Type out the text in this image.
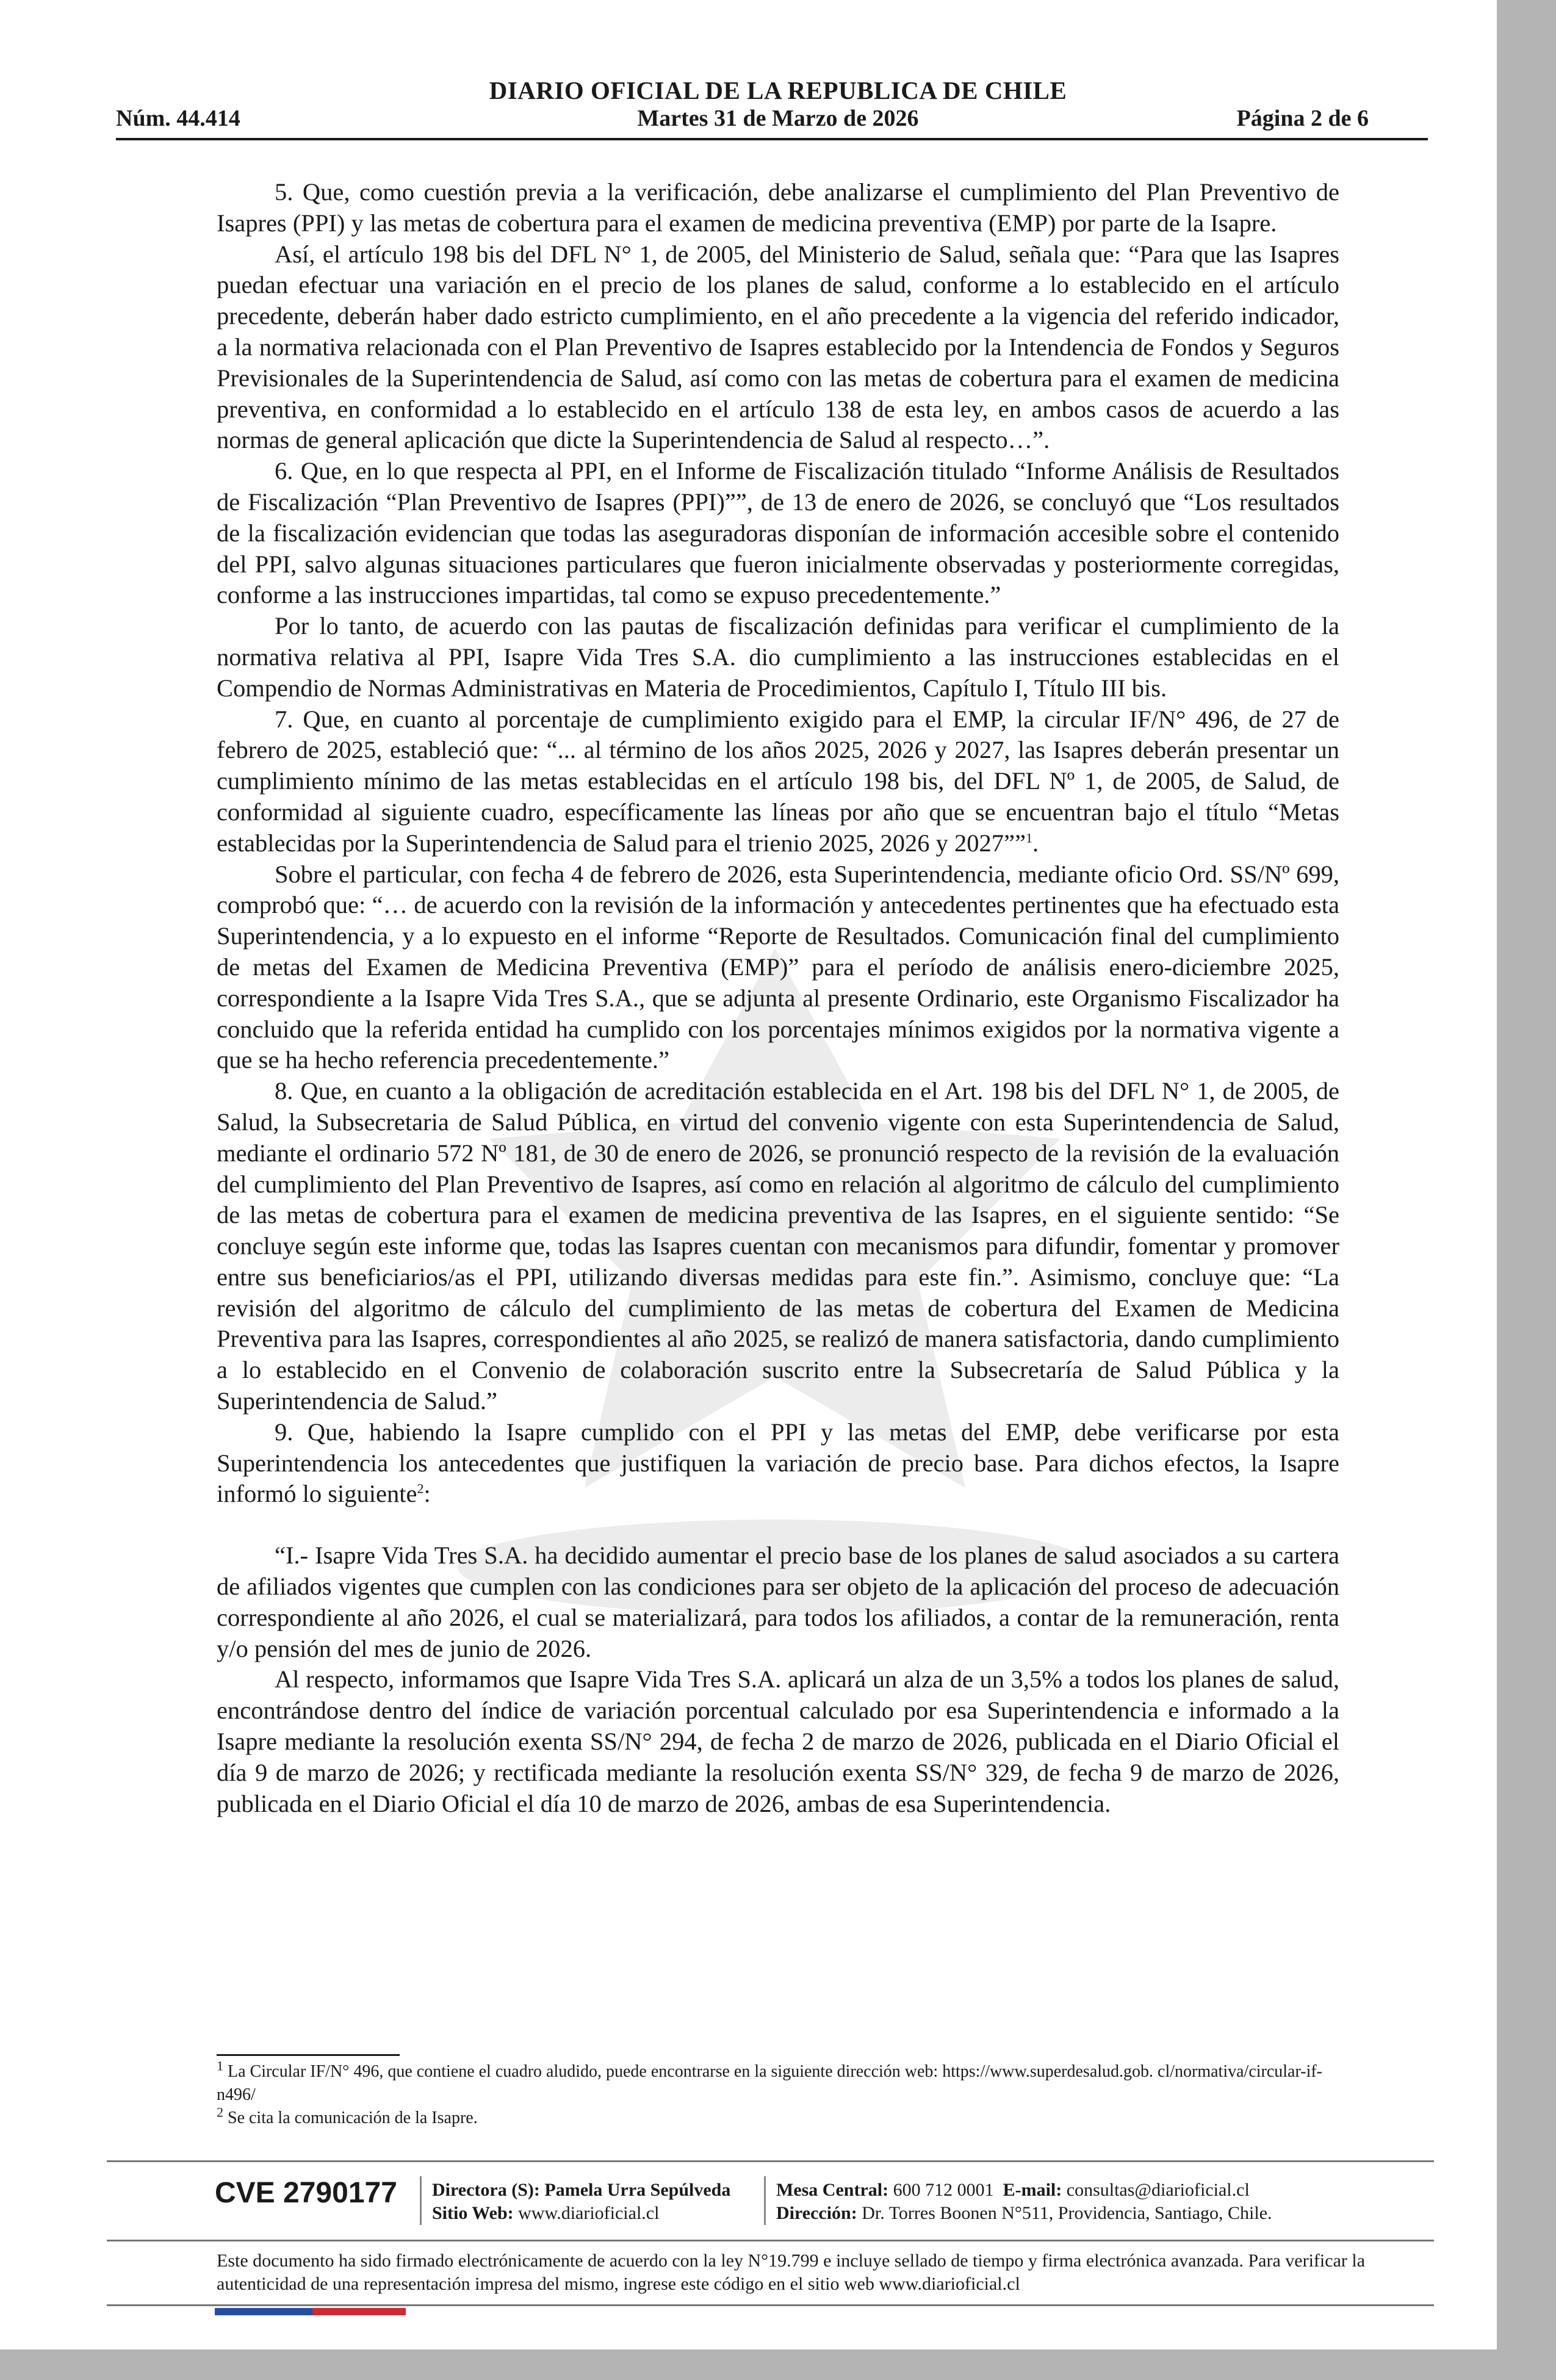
DIARIO OFICIAL DE LA REPUBLICA DE CHILE
Núm. 44.414	Martes 31 de Marzo de 2026	Página 2 de 6

5. Que, como cuestión previa a la verificación, debe analizarse el cumplimiento del Plan Preventivo de Isapres (PPI) y las metas de cobertura para el examen de medicina preventiva (EMP) por parte de la Isapre.

Así, el artículo 198 bis del DFL N° 1, de 2005, del Ministerio de Salud, señala que: “Para que las Isapres puedan efectuar una variación en el precio de los planes de salud, conforme a lo establecido en el artículo precedente, deberán haber dado estricto cumplimiento, en el año precedente a la vigencia del referido indicador, a la normativa relacionada con el Plan Preventivo de Isapres establecido por la Intendencia de Fondos y Seguros Previsionales de la Superintendencia de Salud, así como con las metas de cobertura para el examen de medicina preventiva, en conformidad a lo establecido en el artículo 138 de esta ley, en ambos casos de acuerdo a las normas de general aplicación que dicte la Superintendencia de Salud al respecto…”.

6. Que, en lo que respecta al PPI, en el Informe de Fiscalización titulado “Informe Análisis de Resultados de Fiscalización “Plan Preventivo de Isapres (PPI)””, de 13 de enero de 2026, se concluyó que “Los resultados de la fiscalización evidencian que todas las aseguradoras disponían de información accesible sobre el contenido del PPI, salvo algunas situaciones particulares que fueron inicialmente observadas y posteriormente corregidas, conforme a las instrucciones impartidas, tal como se expuso precedentemente.”

Por lo tanto, de acuerdo con las pautas de fiscalización definidas para verificar el cumplimiento de la normativa relativa al PPI, Isapre Vida Tres S.A. dio cumplimiento a las instrucciones establecidas en el Compendio de Normas Administrativas en Materia de Procedimientos, Capítulo I, Título III bis.

7. Que, en cuanto al porcentaje de cumplimiento exigido para el EMP, la circular IF/N° 496, de 27 de febrero de 2025, estableció que: “... al término de los años 2025, 2026 y 2027, las Isapres deberán presentar un cumplimiento mínimo de las metas establecidas en el artículo 198 bis, del DFL Nº 1, de 2005, de Salud, de conformidad al siguiente cuadro, específicamente las líneas por año que se encuentran bajo el título “Metas establecidas por la Superintendencia de Salud para el trienio 2025, 2026 y 2027””$^1$.

Sobre el particular, con fecha 4 de febrero de 2026, esta Superintendencia, mediante oficio Ord. SS/Nº 699, comprobó que: “… de acuerdo con la revisión de la información y antecedentes pertinentes que ha efectuado esta Superintendencia, y a lo expuesto en el informe “Reporte de Resultados. Comunicación final del cumplimiento de metas del Examen de Medicina Preventiva (EMP)” para el período de análisis enero-diciembre 2025, correspondiente a la Isapre Vida Tres S.A., que se adjunta al presente Ordinario, este Organismo Fiscalizador ha concluido que la referida entidad ha cumplido con los porcentajes mínimos exigidos por la normativa vigente a que se ha hecho referencia precedentemente.”

8. Que, en cuanto a la obligación de acreditación establecida en el Art. 198 bis del DFL N° 1, de 2005, de Salud, la Subsecretaria de Salud Pública, en virtud del convenio vigente con esta Superintendencia de Salud, mediante el ordinario 572 Nº 181, de 30 de enero de 2026, se pronunció respecto de la revisión de la evaluación del cumplimiento del Plan Preventivo de Isapres, así como en relación al algoritmo de cálculo del cumplimiento de las metas de cobertura para el examen de medicina preventiva de las Isapres, en el siguiente sentido: “Se concluye según este informe que, todas las Isapres cuentan con mecanismos para difundir, fomentar y promover entre sus beneficiarios/as el PPI, utilizando diversas medidas para este fin.”. Asimismo, concluye que: “La revisión del algoritmo de cálculo del cumplimiento de las metas de cobertura del Examen de Medicina Preventiva para las Isapres, correspondientes al año 2025, se realizó de manera satisfactoria, dando cumplimiento a lo establecido en el Convenio de colaboración suscrito entre la Subsecretaría de Salud Pública y la Superintendencia de Salud.”

9. Que, habiendo la Isapre cumplido con el PPI y las metas del EMP, debe verificarse por esta Superintendencia los antecedentes que justifiquen la variación de precio base. Para dichos efectos, la Isapre informó lo siguiente$^2$:

“I.- Isapre Vida Tres S.A. ha decidido aumentar el precio base de los planes de salud asociados a su cartera de afiliados vigentes que cumplen con las condiciones para ser objeto de la aplicación del proceso de adecuación correspondiente al año 2026, el cual se materializará, para todos los afiliados, a contar de la remuneración, renta y/o pensión del mes de junio de 2026.

Al respecto, informamos que Isapre Vida Tres S.A. aplicará un alza de un 3,5% a todos los planes de salud, encontrándose dentro del índice de variación porcentual calculado por esa Superintendencia e informado a la Isapre mediante la resolución exenta SS/N° 294, de fecha 2 de marzo de 2026, publicada en el Diario Oficial el día 9 de marzo de 2026; y rectificada mediante la resolución exenta SS/N° 329, de fecha 9 de marzo de 2026, publicada en el Diario Oficial el día 10 de marzo de 2026, ambas de esa Superintendencia.

$^1$ La Circular IF/N° 496, que contiene el cuadro aludido, puede encontrarse en la siguiente dirección web: https://www.superdesalud.gob. cl/normativa/circular-if-n496/

$^2$ Se cita la comunicación de la Isapre.

CVE 2790177 Directora (S): Pamela Urra Sepúlveda
Sitio Web: www.diarioficial.cl
Mesa Central: 600 712 0001 E-mail: consultas@diarioficial.cl
Dirección: Dr. Torres Boonen N°511, Providencia, Santiago, Chile.
Este documento ha sido firmado electrónicamente de acuerdo con la ley N°19.799 e incluye sellado de tiempo y firma electrónica avanzada. Para verificar la autenticidad de una representación impresa del mismo, ingrese este código en el sitio web www.diarioficial.cl
